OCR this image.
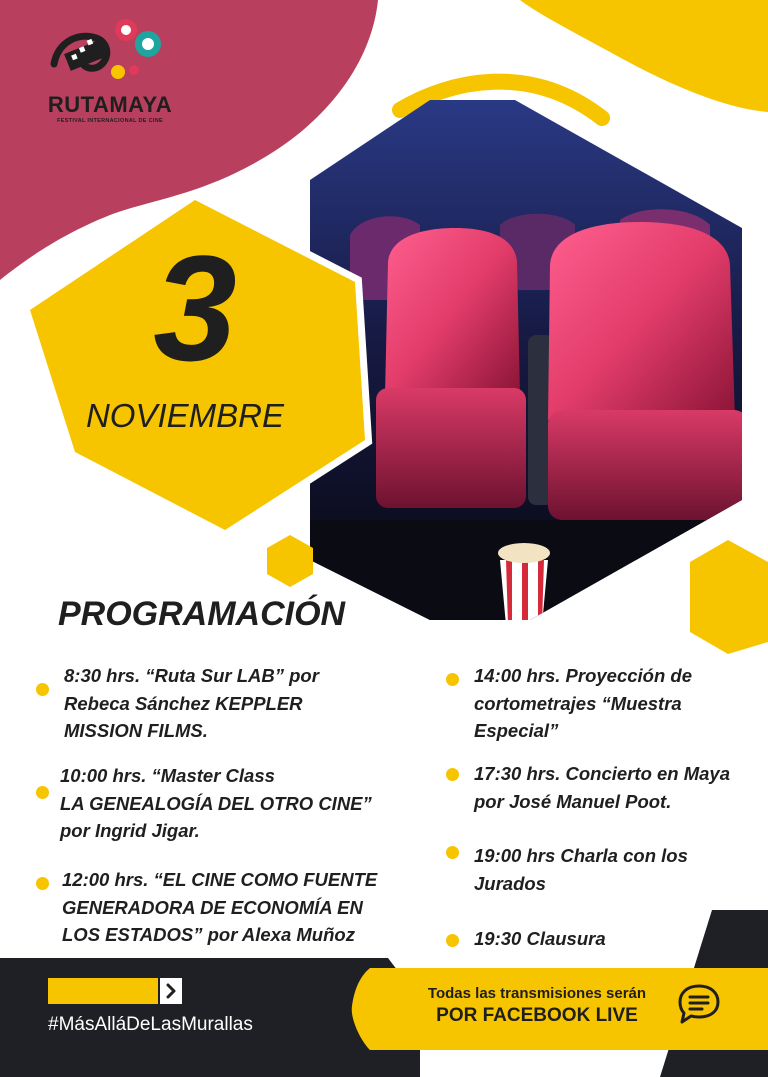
RUTAMAYA
FESTIVAL INTERNACIONAL DE CINE
3
NOVIEMBRE
PROGRAMACIÓN
8:30 hrs. “Ruta Sur LAB” por
Rebeca Sánchez KEPPLER
MISSION FILMS.
10:00 hrs. “Master Class
LA GENEALOGÍA DEL OTRO CINE”
por Ingrid Jigar.
12:00 hrs. “EL CINE COMO FUENTE
GENERADORA DE ECONOMÍA EN
LOS ESTADOS” por Alexa Muñoz
14:00 hrs. Proyección de
cortometrajes “Muestra
Especial”
17:30 hrs. Concierto en Maya
por José Manuel Poot.
19:00 hrs Charla con los
Jurados
19:30 Clausura
#MásAlláDeLasMurallas
Todas las transmisiones serán
POR FACEBOOK LIVE
